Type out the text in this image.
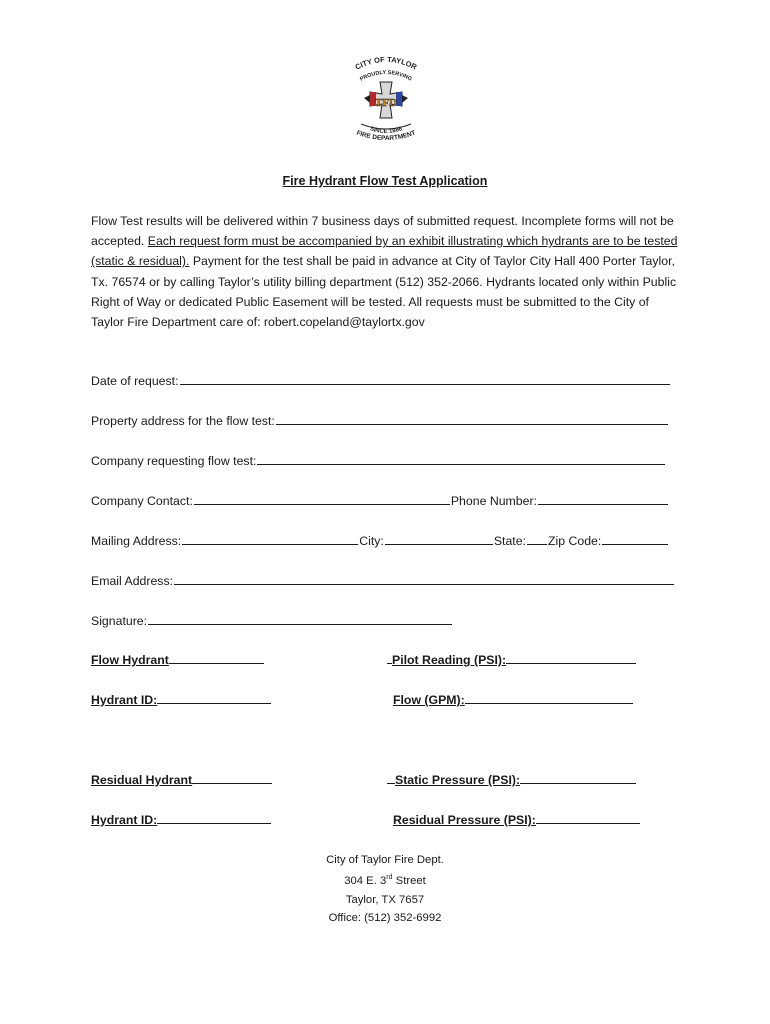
CITY OF TAYLOR
PROUDLY SERVING
TFD
SINCE 1886
FIRE DEPARTMENT
Fire Hydrant Flow Test Application
Flow Test results will be delivered within 7 business days of submitted request. Incomplete forms will not be accepted. Each request form must be accompanied by an exhibit illustrating which hydrants are to be tested (static & residual). Payment for the test shall be paid in advance at City of Taylor City Hall 400 Porter Taylor, Tx. 76574 or by calling Taylor’s utility billing department (512) 352-2066. Hydrants located only within Public Right of Way or dedicated Public Easement will be tested. All requests must be submitted to the City of Taylor Fire Department care of: robert.copeland@taylortx.gov
Date of request:
Property address for the flow test:
Company requesting flow test:
Company Contact:	Phone Number:
Mailing Address:	City:	State: Zip Code:
Email Address:
Signature:
Flow Hydrant	Pilot Reading (PSI):
Hydrant ID:	Flow (GPM):
Residual Hydrant	Static Pressure (PSI):
Hydrant ID:	Residual Pressure (PSI):
City of Taylor Fire Dept.
304 E. 3rd Street
Taylor, TX 7657
Office: (512) 352-6992
